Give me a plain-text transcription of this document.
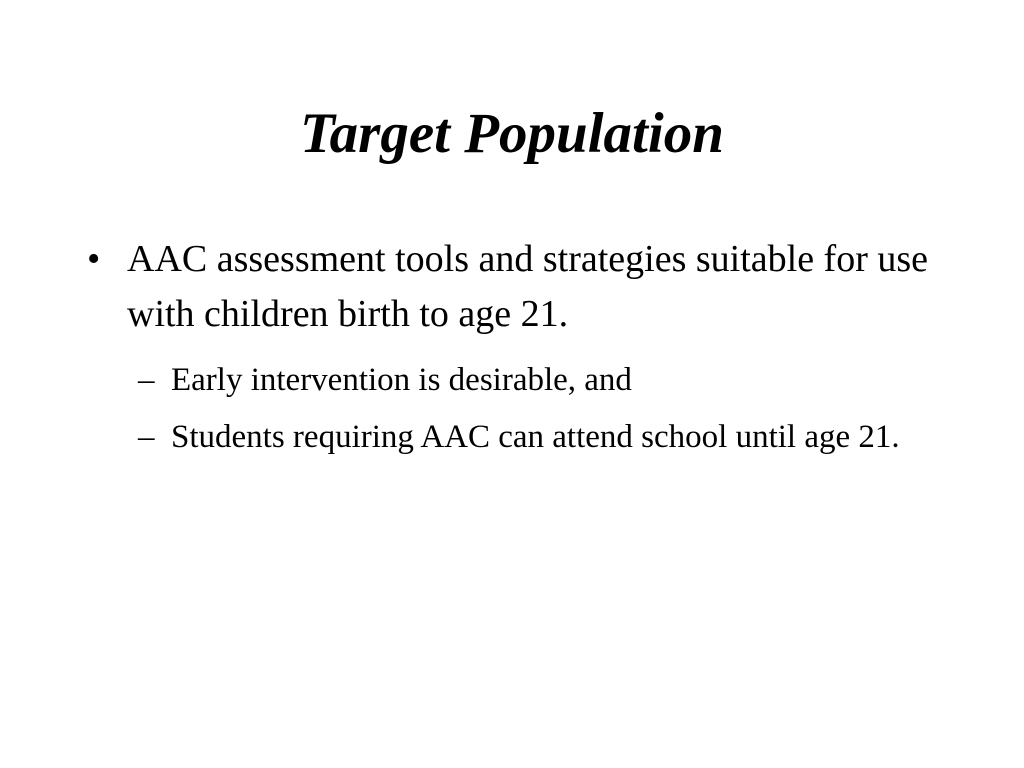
Target Population
• AAC assessment tools and strategies suitable for use with children birth to age 21.
– Early intervention is desirable, and
– Students requiring AAC can attend school until age 21.
